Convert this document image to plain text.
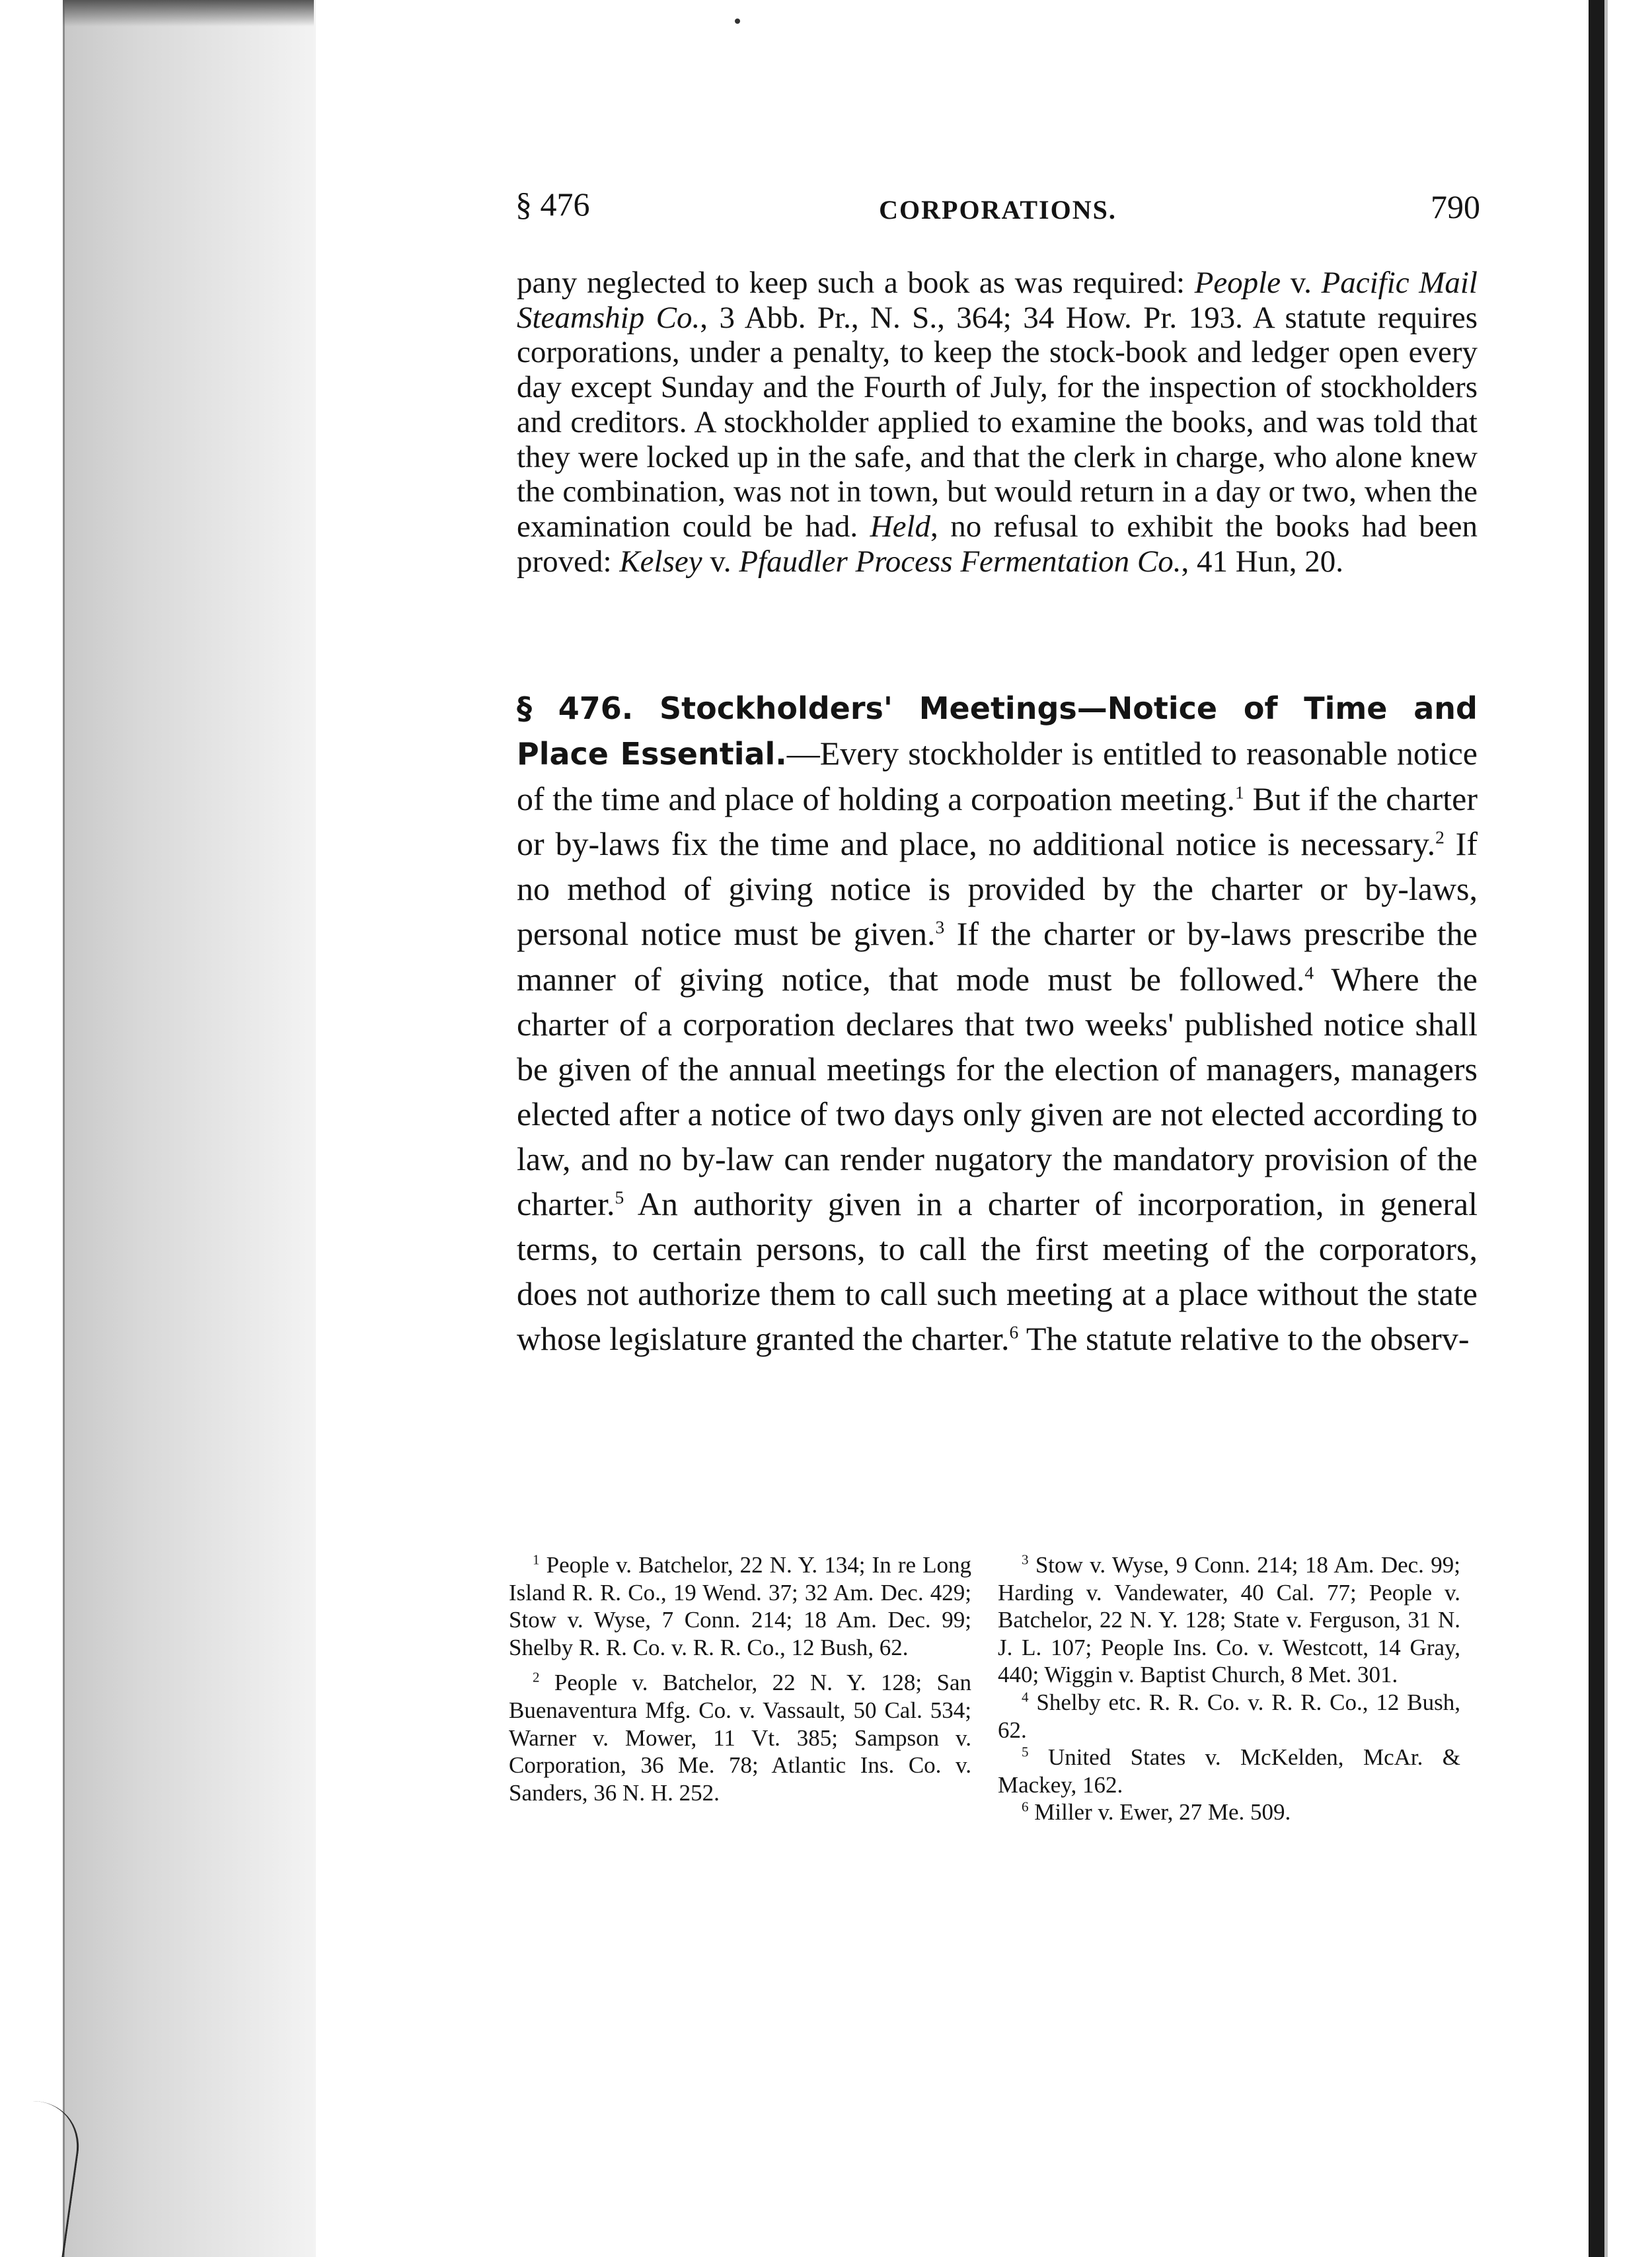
§ 476	CORPORATIONS.	790
pany neglected to keep such a book as was required: People v. Pacific Mail Steamship Co., 3 Abb. Pr., N. S., 364; 34 How. Pr. 193. A statute requires corporations, under a penalty, to keep the stock-book and ledger open every day except Sunday and the Fourth of July, for the inspection of stockholders and creditors. A stockholder applied to examine the books, and was told that they were locked up in the safe, and that the clerk in charge, who alone knew the combination, was not in town, but would return in a day or two, when the examination could be had. Held, no refusal to exhibit the books had been proved: Kelsey v. Pfaudler Process Fermentation Co., 41 Hun, 20.
§ 476. Stockholders' Meetings—Notice of Time and Place Essential.—Every stockholder is entitled to reasonable notice of the time and place of holding a corpoation meeting.$^1$ But if the charter or by-laws fix the time and place, no additional notice is necessary.$^2$ If no method of giving notice is provided by the charter or by-laws, personal notice must be given.$^3$ If the charter or by-laws prescribe the manner of giving notice, that mode must be followed.$^4$ Where the charter of a corporation declares that two weeks' published notice shall be given of the annual meetings for the election of managers, managers elected after a notice of two days only given are not elected according to law, and no by-law can render nugatory the mandatory provision of the charter.$^5$ An authority given in a charter of incorporation, in general terms, to certain persons, to call the first meeting of the corporators, does not authorize them to call such meeting at a place without the state whose legislature granted the charter.$^6$ The statute relative to the observ-
$^1$ People v. Batchelor, 22 N. Y. 134; In re Long Island R. R. Co., 19 Wend. 37; 32 Am. Dec. 429; Stow v. Wyse, 7 Conn. 214; 18 Am. Dec. 99; Shelby R. R. Co. v. R. R. Co., 12 Bush, 62.
$^2$ People v. Batchelor, 22 N. Y. 128; San Buenaventura Mfg. Co. v. Vassault, 50 Cal. 534; Warner v. Mower, 11 Vt. 385; Sampson v. Corporation, 36 Me. 78; Atlantic Ins. Co. v. Sanders, 36 N. H. 252.
$^3$ Stow v. Wyse, 9 Conn. 214; 18 Am. Dec. 99; Harding v. Vandewater, 40 Cal. 77; People v. Batchelor, 22 N. Y. 128; State v. Ferguson, 31 N. J. L. 107; People Ins. Co. v. Westcott, 14 Gray, 440; Wiggin v. Baptist Church, 8 Met. 301.
$^4$ Shelby etc. R. R. Co. v. R. R. Co., 12 Bush, 62.
$^5$ United States v. McKelden, McAr. & Mackey, 162.
$^6$ Miller v. Ewer, 27 Me. 509.
